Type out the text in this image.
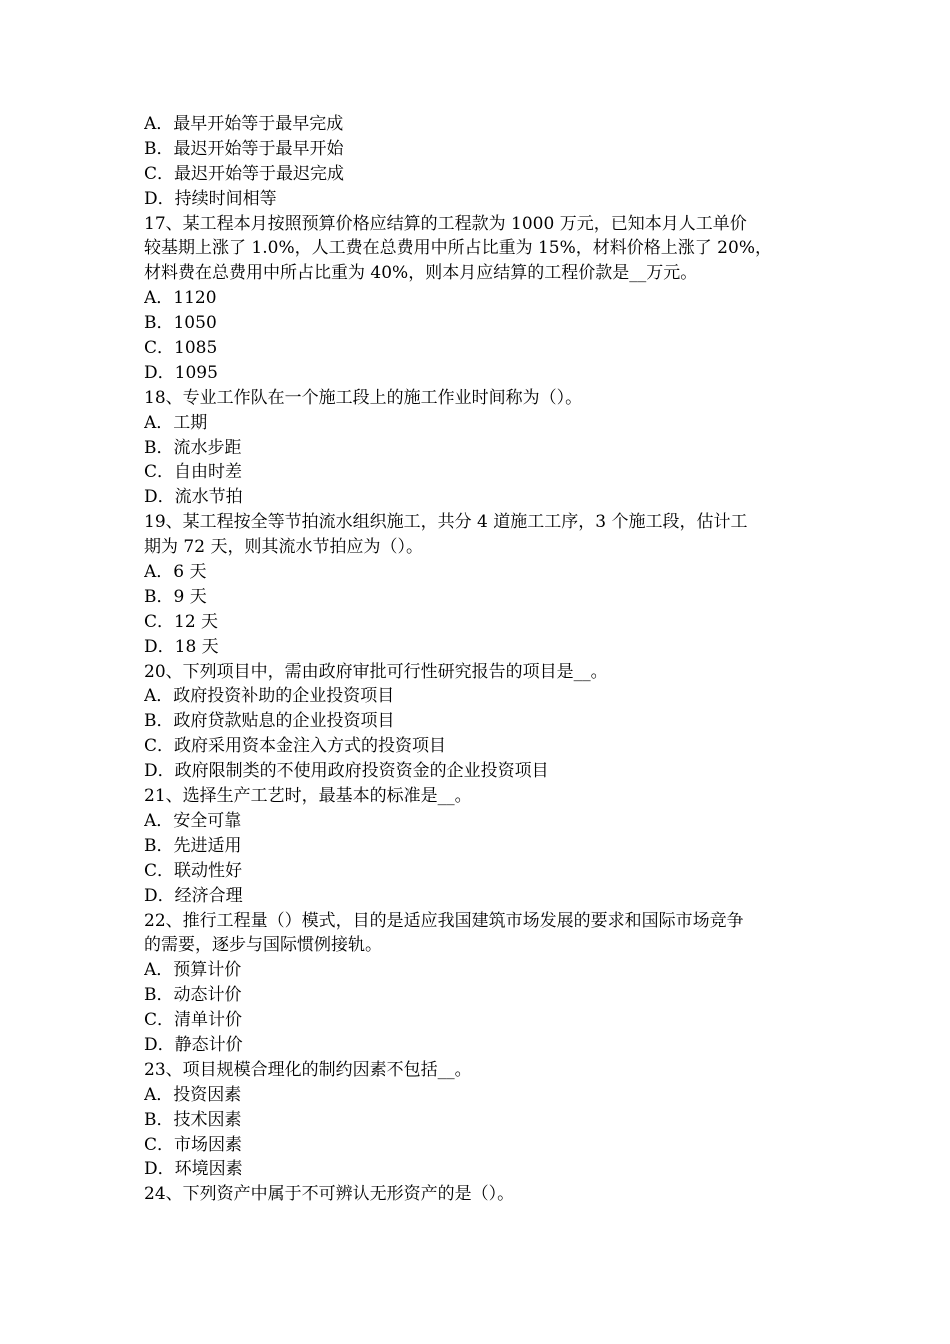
A．最早开始等于最早完成
B．最迟开始等于最早开始
C．最迟开始等于最迟完成
D．持续时间相等
17、某工程本月按照预算价格应结算的工程款为 1000 万元，已知本月人工单价
较基期上涨了 1.0%，人工费在总费用中所占比重为 15%，材料价格上涨了 20%，
材料费在总费用中所占比重为 40%，则本月应结算的工程价款是__万元。
A．1120
B．1050
C．1085
D．1095
18、专业工作队在一个施工段上的施工作业时间称为（）。
A．工期
B．流水步距
C．自由时差
D．流水节拍
19、某工程按全等节拍流水组织施工，共分 4 道施工工序，3 个施工段，估计工
期为 72 天，则其流水节拍应为（）。
A．6 天
B．9 天
C．12 天
D．18 天
20、下列项目中，需由政府审批可行性研究报告的项目是__。
A．政府投资补助的企业投资项目
B．政府贷款贴息的企业投资项目
C．政府采用资本金注入方式的投资项目
D．政府限制类的不使用政府投资资金的企业投资项目
21、选择生产工艺时，最基本的标准是__。
A．安全可靠
B．先进适用
C．联动性好
D．经济合理
22、推行工程量（）模式，目的是适应我国建筑市场发展的要求和国际市场竞争
的需要，逐步与国际惯例接轨。
A．预算计价
B．动态计价
C．清单计价
D．静态计价
23、项目规模合理化的制约因素不包括__。
A．投资因素
B．技术因素
C．市场因素
D．环境因素
24、下列资产中属于不可辨认无形资产的是（）。
